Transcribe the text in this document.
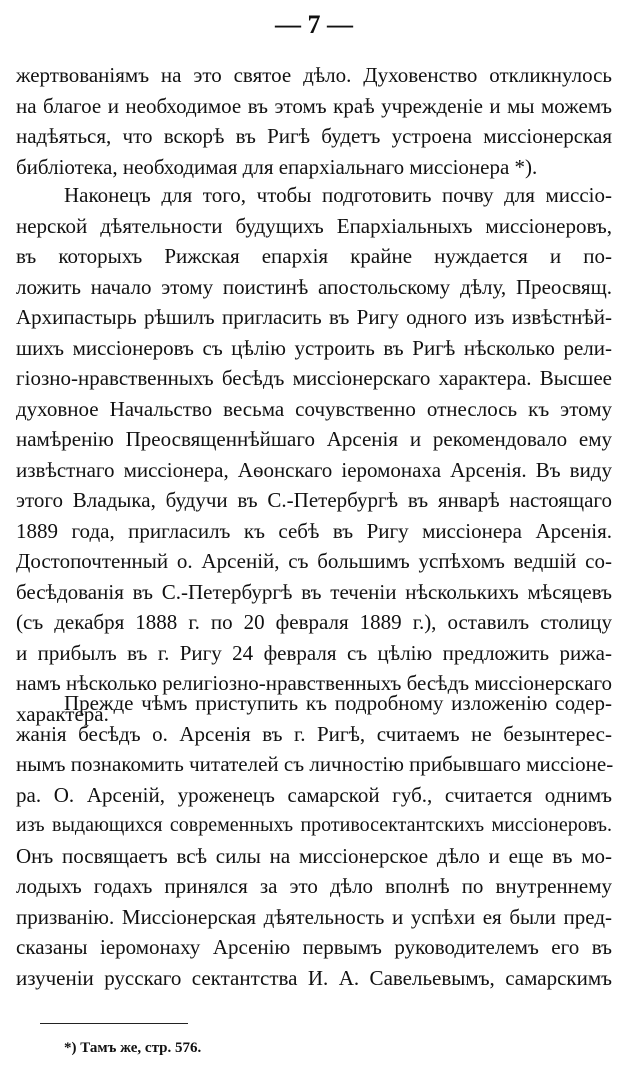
— 7 —
жертвованіямъ на это святое дѣло. Духовенство откликнулось
на благое и необходимое въ этомъ краѣ учрежденіе и мы можемъ
надѣяться, что вскорѣ въ Ригѣ будетъ устроена миссіонерская
библіотека, необходимая для епархіальнаго миссіонера *).
Наконецъ для того, чтобы подготовить почву для миссіо-
нерской дѣятельности будущихъ Епархіальныхъ миссіонеровъ,
въ которыхъ Рижская епархія крайне нуждается и по-
ложить начало этому поистинѣ апостольскому дѣлу, Преосвящ.
Архипастырь рѣшилъ пригласить въ Ригу одного изъ извѣстнѣй-
шихъ миссіонеровъ съ цѣлію устроить въ Ригѣ нѣсколько рели-
гіозно-нравственныхъ бесѣдъ миссіонерскаго характера. Высшее
духовное Начальство весьма сочувственно отнеслось къ этому
намѣренію Преосвященнѣйшаго Арсенія и рекомендовало ему
извѣстнаго миссіонера, Аѳонскаго іеромонаха Арсенія. Въ виду
этого Владыка, будучи въ С.-Петербургѣ въ январѣ настоящаго
1889 года, пригласилъ къ себѣ въ Ригу миссіонера Арсенія.
Достопочтенный о. Арсеній, съ большимъ успѣхомъ ведшій со-
бесѣдованія въ С.-Петербургѣ въ теченіи нѣсколькихъ мѣсяцевъ
(съ декабря 1888 г. по 20 февраля 1889 г.), оставилъ столицу
и прибылъ въ г. Ригу 24 февраля съ цѣлію предложить рижа-
намъ нѣсколько религіозно-нравственныхъ бесѣдъ миссіонерскаго
характера.
Прежде чѣмъ приступить къ подробному изложенію содер-
жанія бесѣдъ о. Арсенія въ г. Ригѣ, считаемъ не безынтерес-
нымъ познакомить читателей съ личностію прибывшаго миссіоне-
ра. О. Арсеній, уроженецъ самарской губ., считается однимъ
изъ выдающихся современныхъ противосектантскихъ миссіонеровъ.
Онъ посвящаетъ всѣ силы на миссіонерское дѣло и еще въ мо-
лодыхъ годахъ принялся за это дѣло вполнѣ по внутреннему
призванію. Миссіонерская дѣятельность и успѣхи ея были пред-
сказаны іеромонаху Арсенію первымъ руководителемъ его въ
изученіи русскаго сектантства И. А. Савельевымъ, самарскимъ
*) Тамъ же, стр. 576.
